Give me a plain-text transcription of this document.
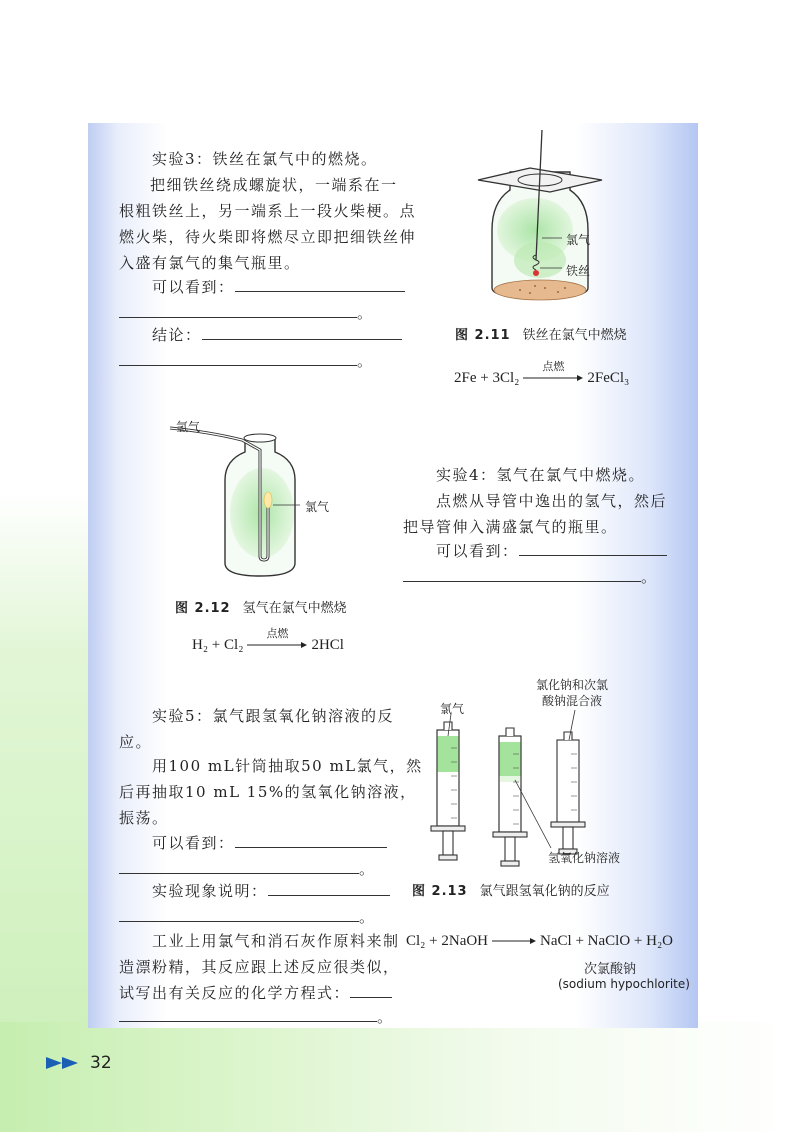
实验3：铁丝在氯气中的燃烧。
把细铁丝绕成螺旋状，一端系在一
根粗铁丝上，另一端系上一段火柴梗。点
燃火柴，待火柴即将燃尽立即把细铁丝伸
入盛有氯气的集气瓶里。
可以看到：
。
结论：
。
氯气
铁丝
图 2.11 铁丝在氯气中燃烧
2Fe + 3Cl₂
点燃
2FeCl₃
氢气
氯气
图 2.12 氢气在氯气中燃烧
H₂ + Cl₂
点燃
2HCl
实验4：氢气在氯气中燃烧。
点燃从导管中逸出的氢气，然后
把导管伸入满盛氯气的瓶里。
可以看到：
。
实验5：氯气跟氢氧化钠溶液的反
应。
用100 mL针筒抽取50 mL氯气，然
后再抽取10 mL 15%的氢氧化钠溶液，
振荡。
可以看到：
。
实验现象说明：
。
氯气
氯化钠和次氯
酸钠混合液
氢氧化钠溶液
图 2.13 氯气跟氢氧化钠的反应
工业上用氯气和消石灰作原料来制
造漂粉精，其反应跟上述反应很类似，
试写出有关反应的化学方程式：
。
Cl₂ + 2NaOH	NaCl + NaClO + H₂O
次氯酸钠
(sodium hypochlorite)
32
